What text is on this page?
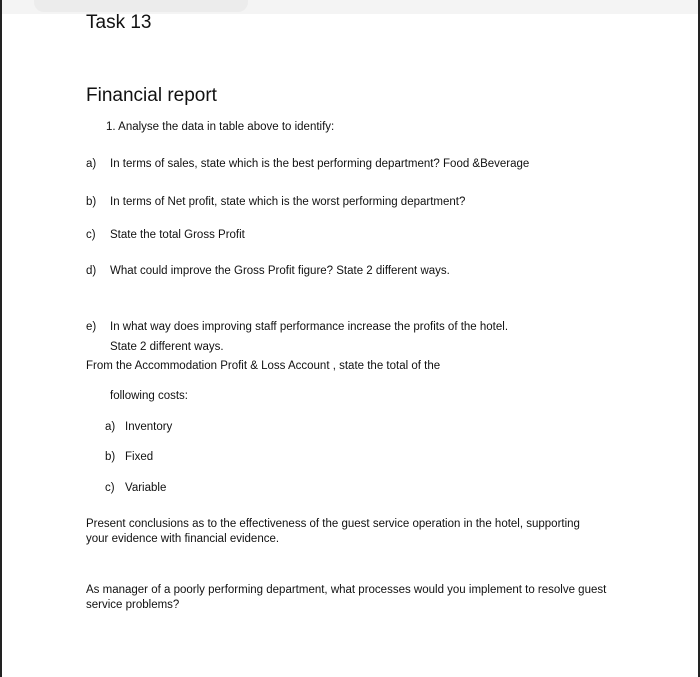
Task 13
Financial report
1. Analyse the data in table above to identify:
a) In terms of sales, state which is the best performing department? Food &Beverage
b) In terms of Net profit, state which is the worst performing department?
c) State the total Gross Profit
d) What could improve the Gross Profit figure? State 2 different ways.
e) In what way does improving staff performance increase the profits of the hotel.
State 2 different ways.
From the Accommodation Profit & Loss Account , state the total of the
following costs:
a) Inventory
b) Fixed
c) Variable
Present conclusions as to the effectiveness of the guest service operation in the hotel, supporting your evidence with financial evidence.
As manager of a poorly performing department, what processes would you implement to resolve guest service problems?
